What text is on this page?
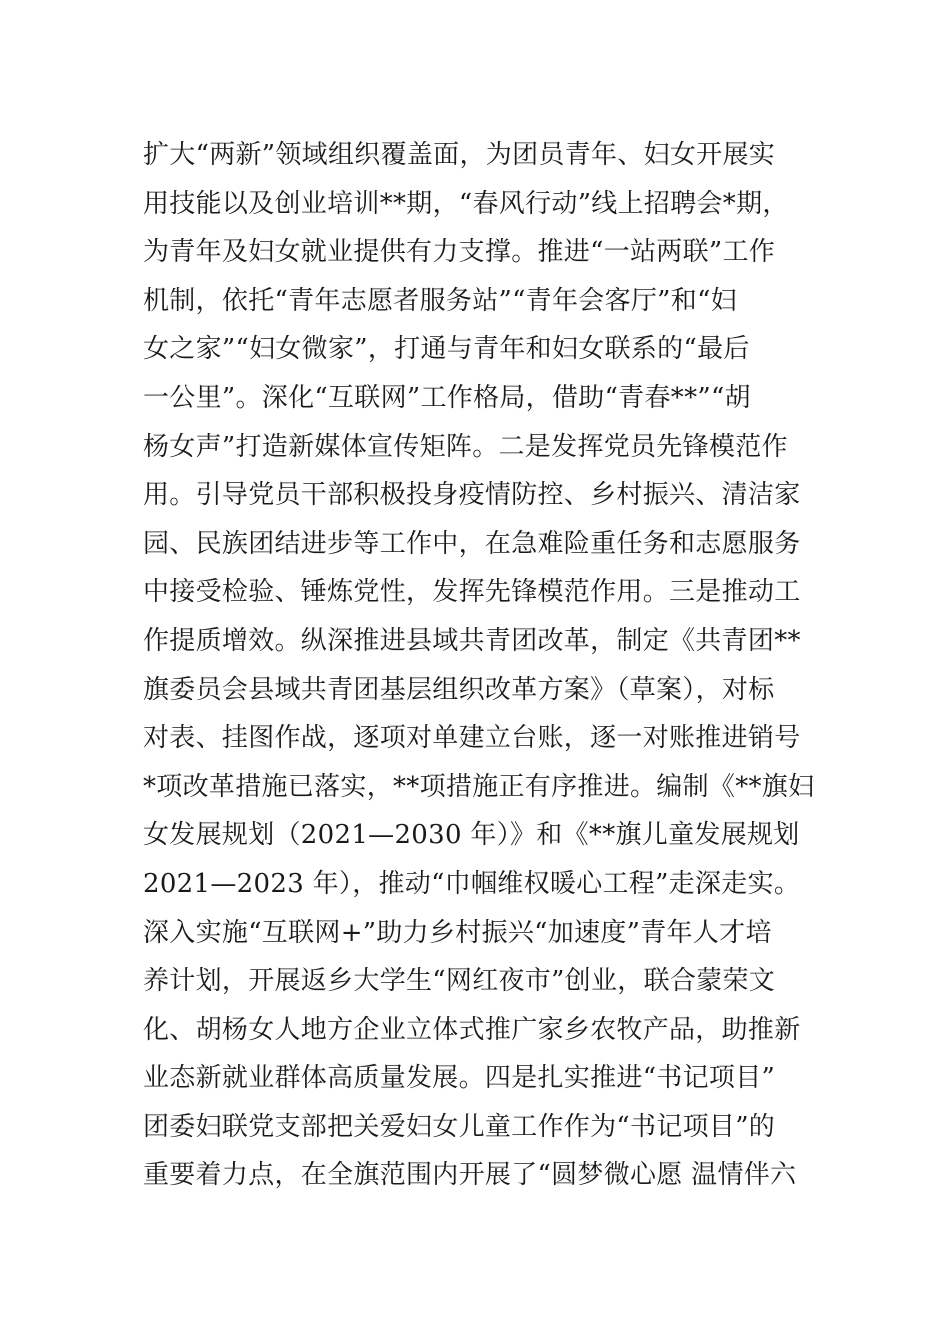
扩大“两新”领域组织覆盖面，为团员青年、妇女开展实
用技能以及创业培训**期，“春风行动”线上招聘会*期，
为青年及妇女就业提供有力支撑。推进“一站两联”工作
机制，依托“青年志愿者服务站”“青年会客厅”和“妇
女之家”“妇女微家”，打通与青年和妇女联系的“最后
一公里”。深化“互联网”工作格局，借助“青春**”“胡
杨女声”打造新媒体宣传矩阵。二是发挥党员先锋模范作
用。引导党员干部积极投身疫情防控、乡村振兴、清洁家
园、民族团结进步等工作中，在急难险重任务和志愿服务
中接受检验、锤炼党性，发挥先锋模范作用。三是推动工
作提质增效。纵深推进县域共青团改革，制定《共青团**
旗委员会县域共青团基层组织改革方案》（草案），对标
对表、挂图作战，逐项对单建立台账，逐一对账推进销号
*项改革措施已落实，**项措施正有序推进。编制《**旗妇
女发展规划（2021—2030 年）》和《**旗儿童发展规划
2021—2023 年），推动“巾帼维权暖心工程”走深走实。
深入实施“互联网+”助力乡村振兴“加速度”青年人才培
养计划，开展返乡大学生“网红夜市”创业，联合蒙荣文
化、胡杨女人地方企业立体式推广家乡农牧产品，助推新
业态新就业群体高质量发展。四是扎实推进“书记项目”
团委妇联党支部把关爱妇女儿童工作作为“书记项目”的
重要着力点，在全旗范围内开展了“圆梦微心愿 温情伴六
